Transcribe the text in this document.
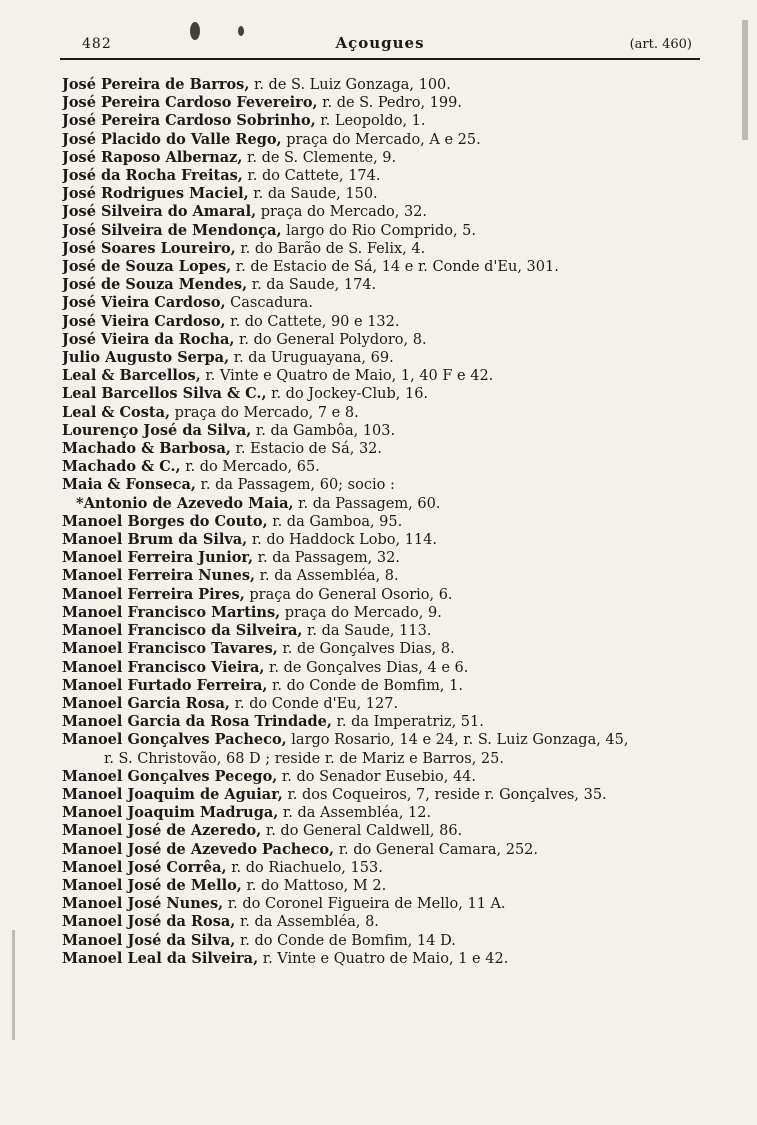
482	Açougues	(art. 460)
José Pereira de Barros, r. de S. Luiz Gonzaga, 100.
José Pereira Cardoso Fevereiro, r. de S. Pedro, 199.
José Pereira Cardoso Sobrinho, r. Leopoldo, 1.
José Placido do Valle Rego, praça do Mercado, A e 25.
José Raposo Albernaz, r. de S. Clemente, 9.
José da Rocha Freitas, r. do Cattete, 174.
José Rodrigues Maciel, r. da Saude, 150.
José Silveira do Amaral, praça do Mercado, 32.
José Silveira de Mendonça, largo do Rio Comprido, 5.
José Soares Loureiro, r. do Barão de S. Felix, 4.
José de Souza Lopes, r. de Estacio de Sá, 14 e r. Conde d'Eu, 301.
José de Souza Mendes, r. da Saude, 174.
José Vieira Cardoso, Cascadura.
José Vieira Cardoso, r. do Cattete, 90 e 132.
José Vieira da Rocha, r. do General Polydoro, 8.
Julio Augusto Serpa, r. da Uruguayana, 69.
Leal & Barcellos, r. Vinte e Quatro de Maio, 1, 40 F e 42.
Leal Barcellos Silva & C., r. do Jockey-Club, 16.
Leal & Costa, praça do Mercado, 7 e 8.
Lourenço José da Silva, r. da Gambôa, 103.
Machado & Barbosa, r. Estacio de Sá, 32.
Machado & C., r. do Mercado, 65.
Maia & Fonseca, r. da Passagem, 60; socio :
*Antonio de Azevedo Maia, r. da Passagem, 60.
Manoel Borges do Couto, r. da Gamboa, 95.
Manoel Brum da Silva, r. do Haddock Lobo, 114.
Manoel Ferreira Junior, r. da Passagem, 32.
Manoel Ferreira Nunes, r. da Assembléa, 8.
Manoel Ferreira Pires, praça do General Osorio, 6.
Manoel Francisco Martins, praça do Mercado, 9.
Manoel Francisco da Silveira, r. da Saude, 113.
Manoel Francisco Tavares, r. de Gonçalves Dias, 8.
Manoel Francisco Vieira, r. de Gonçalves Dias, 4 e 6.
Manoel Furtado Ferreira, r. do Conde de Bomfim, 1.
Manoel Garcia Rosa, r. do Conde d'Eu, 127.
Manoel Garcia da Rosa Trindade, r. da Imperatriz, 51.
Manoel Gonçalves Pacheco, largo Rosario, 14 e 24, r. S. Luiz Gonzaga, 45,
r. S. Christovão, 68 D ; reside r. de Mariz e Barros, 25.
Manoel Gonçalves Pecego, r. do Senador Eusebio, 44.
Manoel Joaquim de Aguiar, r. dos Coqueiros, 7, reside r. Gonçalves, 35.
Manoel Joaquim Madruga, r. da Assembléa, 12.
Manoel José de Azeredo, r. do General Caldwell, 86.
Manoel José de Azevedo Pacheco, r. do General Camara, 252.
Manoel José Corrêa, r. do Riachuelo, 153.
Manoel José de Mello, r. do Mattoso, M 2.
Manoel José Nunes, r. do Coronel Figueira de Mello, 11 A.
Manoel José da Rosa, r. da Assembléa, 8.
Manoel José da Silva, r. do Conde de Bomfim, 14 D.
Manoel Leal da Silveira, r. Vinte e Quatro de Maio, 1 e 42.
